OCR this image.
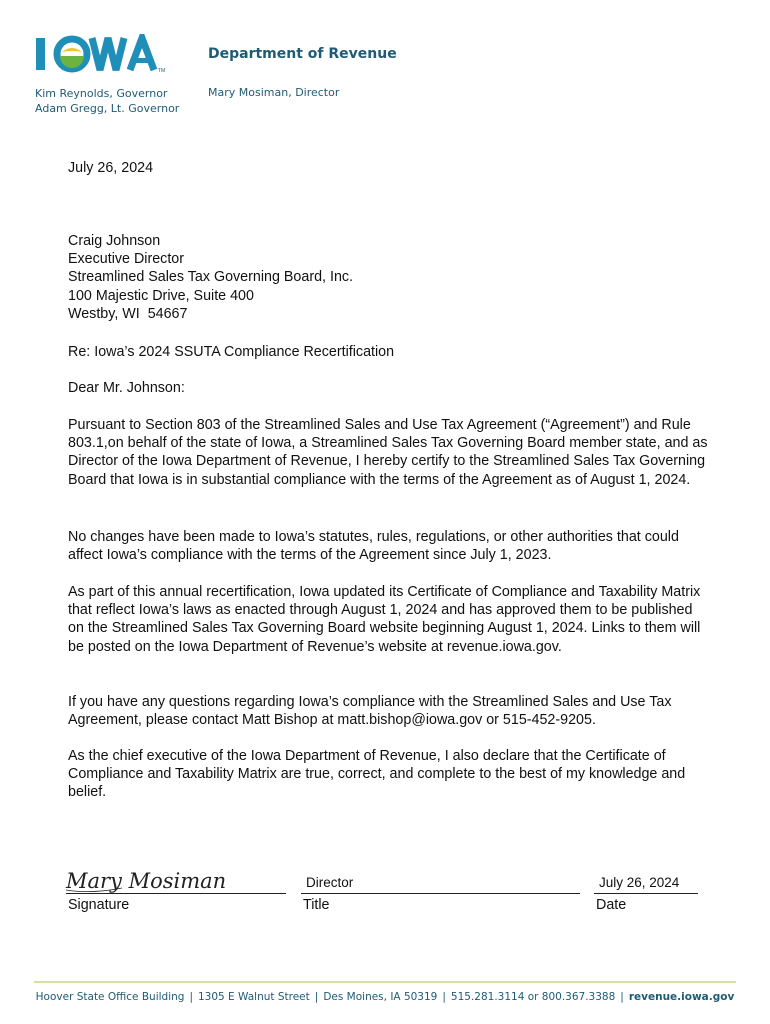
TM
Kim Reynolds, Governor
Adam Gregg, Lt. Governor
Department of Revenue
Mary Mosiman, Director
July 26, 2024
Craig Johnson
Executive Director
Streamlined Sales Tax Governing Board, Inc.
100 Majestic Drive, Suite 400
Westby, WI  54667
Re: Iowa’s 2024 SSUTA Compliance Recertification
Dear Mr. Johnson:
Pursuant to Section 803 of the Streamlined Sales and Use Tax Agreement (“Agreement”) and Rule 803.1,on behalf of the state of Iowa, a Streamlined Sales Tax Governing Board member state, and as Director of the Iowa Department of Revenue, I hereby certify to the Streamlined Sales Tax Governing Board that Iowa is in substantial compliance with the terms of the Agreement as of August 1, 2024.
No changes have been made to Iowa’s statutes, rules, regulations, or other authorities that could affect Iowa’s compliance with the terms of the Agreement since July 1, 2023.
As part of this annual recertification, Iowa updated its Certificate of Compliance and Taxability Matrix that reflect Iowa’s laws as enacted through August 1, 2024 and has approved them to be published on the Streamlined Sales Tax Governing Board website beginning August 1, 2024. Links to them will be posted on the Iowa Department of Revenue’s website at revenue.iowa.gov.
If you have any questions regarding Iowa’s compliance with the Streamlined Sales and Use Tax Agreement, please contact Matt Bishop at matt.bishop@iowa.gov or 515-452-9205.
As the chief executive of the Iowa Department of Revenue, I also declare that the Certificate of Compliance and Taxability Matrix are true, correct, and complete to the best of my knowledge and belief.
Mary Mosiman
Signature
Director
Title
July 26, 2024
Date
Hoover State Office Building | 1305 E Walnut Street | Des Moines, IA 50319 | 515.281.3114 or 800.367.3388 | revenue.iowa.gov
